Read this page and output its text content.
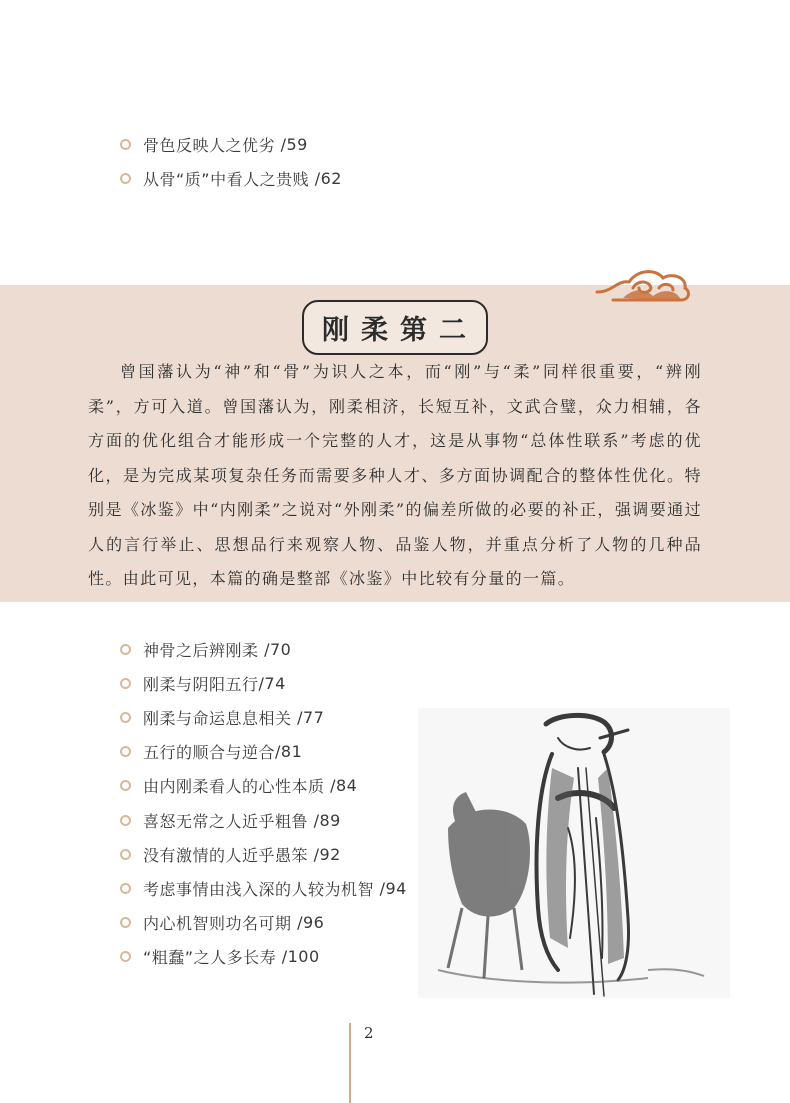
骨色反映人之优劣
/59
从骨“质”中看人之贵贱
/62
刚柔第二

曾国藩认为“神”和“骨”为识人之本，而“刚”与“柔”同样很重要，“辨刚柔”，方可入道。曾国藩认为，刚柔相济，长短互补，文武合璧，众力相辅，各方面的优化组合才能形成一个完整的人才，这是从事物“总体性联系”考虑的优化，是为完成某项复杂任务而需要多种人才、多方面协调配合的整体性优化。特别是《冰鉴》中“内刚柔”之说对“外刚柔”的偏差所做的必要的补正，强调要通过人的言行举止、思想品行来观察人物、品鉴人物，并重点分析了人物的几种品性。由此可见，本篇的确是整部《冰鉴》中比较有分量的一篇。

神骨之后辨刚柔
/70
刚柔与阴阳五行 /74
刚柔与命运息息相关
/77
五行的顺合与逆合 /81
由内刚柔看人的心性本质
/84
喜怒无常之人近乎粗鲁
/89
没有激情的人近乎愚笨
/92
考虑事情由浅入深的人较为机智
/94
内心机智则功名可期
/96
“粗蠢”之人多长寿
/100
2
